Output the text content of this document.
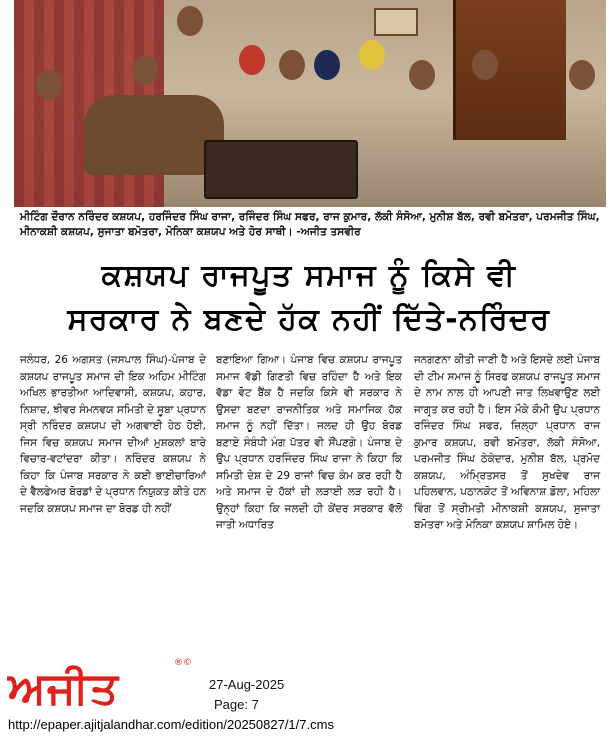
ਮੀਟਿੰਗ ਦੌਰਾਨ ਨਰਿੰਦਰ ਕਸ਼ਯਪ, ਹਰਜਿੰਦਰ ਸਿੰਘ ਰਾਜਾ, ਰਜਿੰਦਰ ਸਿੰਘ ਸਫਰ, ਰਾਜ ਕੁਮਾਰ, ਲੱਕੀ ਸੰਸੋਆ, ਮੁਨੀਸ਼ ਬੱਲ, ਰਵੀ ਬਮੋਤਰਾ, ਪਰਮਜੀਤ ਸਿੰਘ, ਮੀਨਾਕਸ਼ੀ ਕਸ਼ਯਪ, ਸੁਜਾਤਾ ਬਮੋਤਰਾ, ਮੋਨਿਕਾ ਕਸ਼ਯਪ ਅਤੇ ਹੋਰ ਸਾਥੀ। -ਅਜੀਤ ਤਸਵੀਰ
ਕਸ਼ਯਪ ਰਾਜਪੂਤ ਸਮਾਜ ਨੂੰ ਕਿਸੇ ਵੀ
ਸਰਕਾਰ ਨੇ ਬਣਦੇ ਹੱਕ ਨਹੀਂ ਦਿੱਤੇ-ਨਰਿੰਦਰ
ਜਲੰਧਰ, 26 ਅਗਸਤ (ਜਸਪਾਲ ਸਿੰਘ)-ਪੰਜਾਬ ਦੇ ਕਸ਼ਯਪ ਰਾਜਪੂਤ ਸਮਾਜ ਦੀ ਇਕ ਅਹਿਮ ਮੀਟਿੰਗ ਅਖਿਲ ਭਾਰਤੀਆ ਆਦਿਵਾਸੀ, ਕਸ਼ਯਪ, ਕਹਾਰ, ਨਿਸ਼ਾਦ, ਝੀਵਰ ਸੰਮਨਵਯ ਸਮਿਤੀ ਦੇ ਸੂਬਾ ਪ੍ਰਧਾਨ ਸ੍ਰੀ ਨਰਿੰਦਰ ਕਸ਼ਯਪ ਦੀ ਅਗਵਾਈ ਹੇਠ ਹੋਈ, ਜਿਸ ਵਿਚ ਕਸ਼ਯਪ ਸਮਾਜ ਦੀਆਂ ਮੁਸ਼ਕਲਾਂ ਬਾਰੇ ਵਿਚਾਰ-ਵਟਾਂਦਰਾ ਕੀਤਾ। ਨਰਿੰਦਰ ਕਸ਼ਯਪ ਨੇ ਕਿਹਾ ਕਿ ਪੰਜਾਬ ਸਰਕਾਰ ਨੇ ਕਈ ਭਾਈਚਾਰਿਆਂ ਦੇ ਵੈਲਫੇਅਰ ਬੋਰਡਾਂ ਦੇ ਪ੍ਰਧਾਨ ਨਿਯੁਕਤ ਕੀਤੇ ਹਨ ਜਦਕਿ ਕਸ਼ਯਪ ਸਮਾਜ ਦਾ ਬੋਰਡ ਹੀ ਨਹੀਂ
ਬਣਾਇਆ ਗਿਆ। ਪੰਜਾਬ ਵਿਚ ਕਸ਼ਯਪ ਰਾਜਪੂਤ ਸਮਾਜ ਵੱਡੀ ਗਿਣਤੀ ਵਿਚ ਰਹਿੰਦਾ ਹੈ ਅਤੇ ਇਕ ਵੱਡਾ ਵੋਟ ਬੈਂਕ ਹੈ ਜਦਕਿ ਕਿਸੇ ਵੀ ਸਰਕਾਰ ਨੇ ਉਸਦਾ ਬਣਦਾ ਰਾਜਨੀਤਿਕ ਅਤੇ ਸਮਾਜਿਕ ਹੱਕ ਸਮਾਜ ਨੂੰ ਨਹੀਂ ਦਿੱਤਾ। ਜਲਦ ਹੀ ਉਹ ਬੋਰਡ ਬਣਾਏ ਸੰਬੰਧੀ ਮੰਗ ਪੱਤਰ ਵੀ ਸੌਂਪਣਗੇ। ਪੰਜਾਬ ਦੇ ਉਪ ਪ੍ਰਧਾਨ ਹਰਜਿੰਦਰ ਸਿੰਘ ਰਾਜਾ ਨੇ ਕਿਹਾ ਕਿ ਸਮਿਤੀ ਦੇਸ਼ ਦੇ 29 ਰਾਜਾਂ ਵਿਚ ਕੰਮ ਕਰ ਰਹੀ ਹੈ ਅਤੇ ਸਮਾਜ ਦੇ ਹੱਕਾਂ ਦੀ ਲੜਾਈ ਲੜ ਰਹੀ ਹੈ। ਉਨ੍ਹਾਂ ਕਿਹਾ ਕਿ ਜਲਦੀ ਹੀ ਕੇਂਦਰ ਸਰਕਾਰ ਵੱਲੋਂ ਜਾਤੀ ਅਧਾਰਿਤ
ਜਨਗਣਨਾ ਕੀਤੀ ਜਾਣੀ ਹੈ ਅਤੇ ਇਸਦੇ ਲਈ ਪੰਜਾਬ ਦੀ ਟੀਮ ਸਮਾਜ ਨੂੰ ਸਿਰਫ ਕਸ਼ਯਪ ਰਾਜਪੂਤ ਸਮਾਜ ਦੇ ਨਾਮ ਨਾਲ ਹੀ ਆਪਣੀ ਜਾਤ ਲਿਖਵਾਉਣ ਲਈ ਜਾਗਰ੍ਤ ਕਰ ਰਹੀ ਹੈ। ਇਸ ਮੌਕੇ ਕੌਮੀ ਉਪ ਪ੍ਰਧਾਨ ਰਜਿੰਦਰ ਸਿੰਘ ਸਫਰ, ਜ਼ਿਲ੍ਹਾ ਪ੍ਰਧਾਨ ਰਾਜ ਕੁਮਾਰ ਕਸ਼ਯਪ, ਰਵੀ ਬਮੋਤਰਾ, ਲੱਕੀ ਸੰਸੋਆ, ਪਰਮਜੀਤ ਸਿੰਘ ਠੇਕੇਦਾਰ, ਮੁਨੀਸ਼ ਬੱਲ, ਪ੍ਰਮੋਦ ਕਸ਼ਯਪ, ਅੰਮ੍ਰਿਤਸਰ ਤੋਂ ਸੁਖਦੇਵ ਰਾਜ ਪਹਿਲਵਾਨ, ਪਠਾਨਕੋਟ ਤੋਂ ਅਵਿਨਾਸ਼ ਡੋਲਾ, ਮਹਿਲਾ ਵਿੰਗ ਤੋਂ ਸ੍ਰੀਮਤੀ ਮੀਨਾਕਸ਼ੀ ਕਸ਼ਯਪ, ਸੁਜਾਤਾ ਬਮੋਤਰਾ ਅਤੇ ਮੋਨਿਕਾ ਕਸ਼ਯਪ ਸ਼ਾਮਿਲ ਹੋਏ।
ਅਜੀਤ	®©
27-Aug-2025
Page: 7
http://epaper.ajitjalandhar.com/edition/20250827/1/7.cms
